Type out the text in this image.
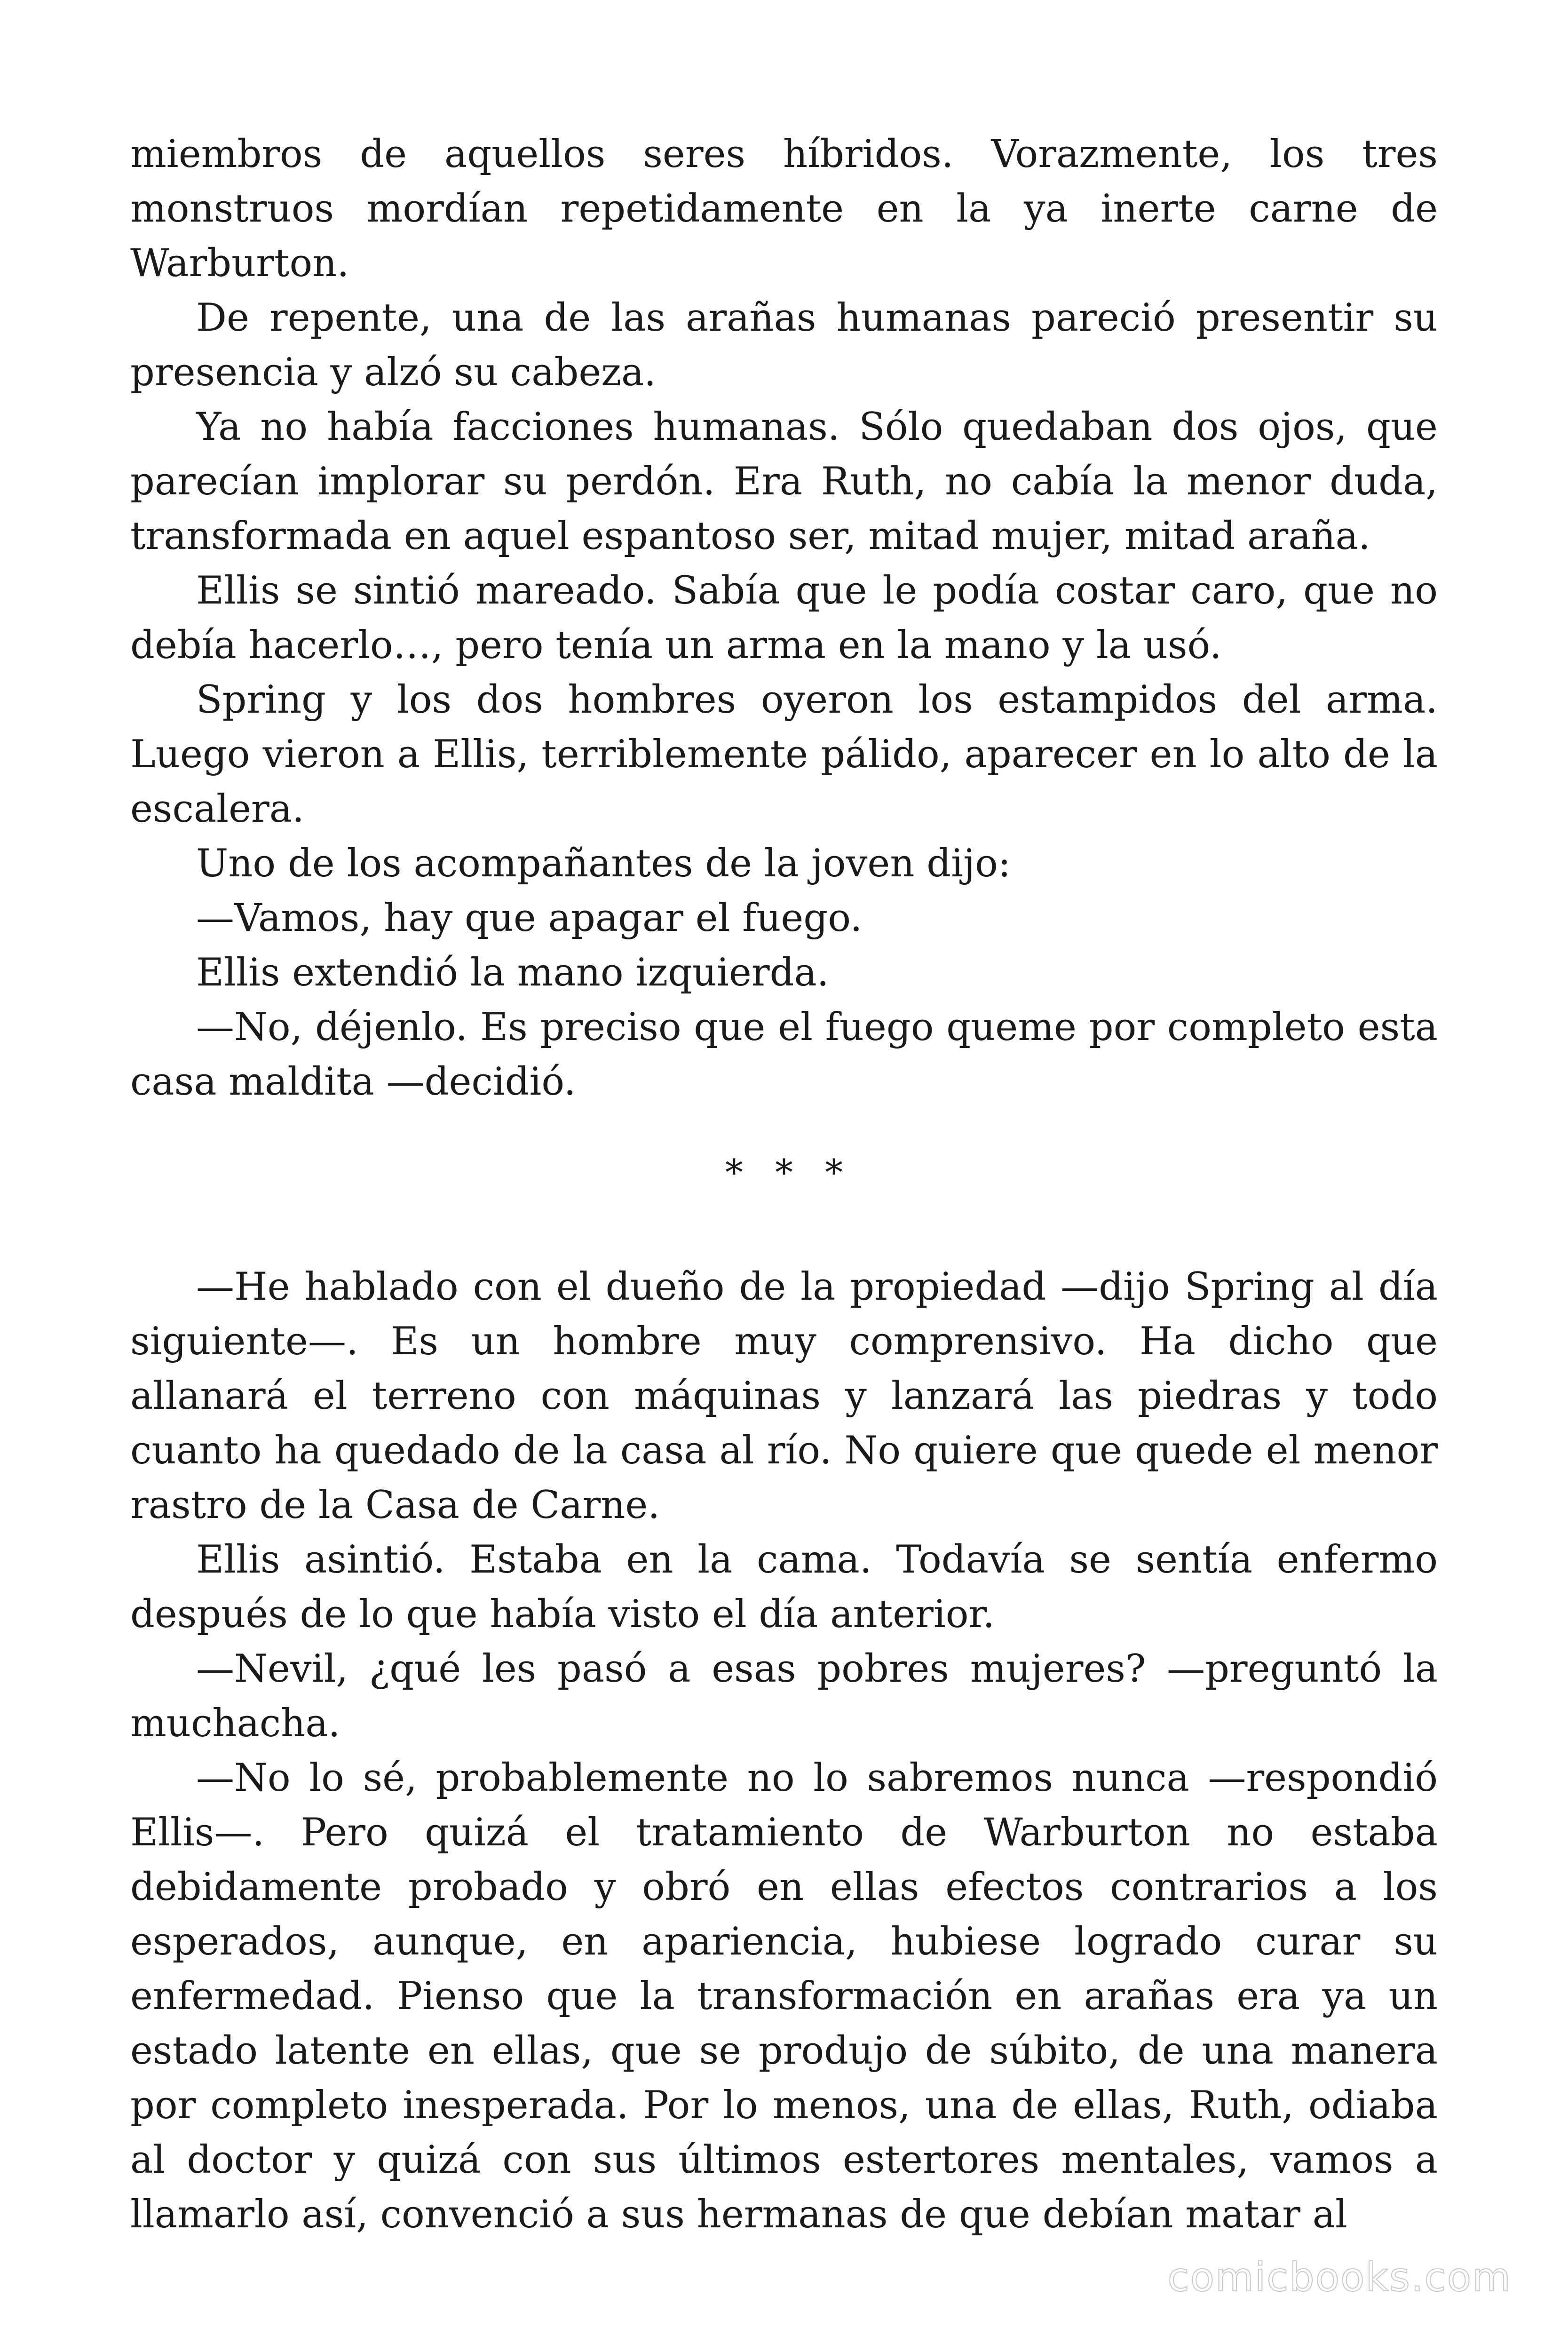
miembros de aquellos seres híbridos. Vorazmente, los tres monstruos mordían repetidamente en la ya inerte carne de Warburton.

De repente, una de las arañas humanas pareció presentir su presencia y alzó su cabeza.

Ya no había facciones humanas. Sólo quedaban dos ojos, que parecían implorar su perdón. Era Ruth, no cabía la menor duda, transformada en aquel espantoso ser, mitad mujer, mitad araña.

Ellis se sintió mareado. Sabía que le podía costar caro, que no debía hacerlo…, pero tenía un arma en la mano y la usó.

Spring y los dos hombres oyeron los estampidos del arma. Luego vieron a Ellis, terriblemente pálido, aparecer en lo alto de la escalera.

Uno de los acompañantes de la joven dijo:

—Vamos, hay que apagar el fuego.

Ellis extendió la mano izquierda.

—No, déjenlo. Es preciso que el fuego queme por completo esta casa maldita —decidió.

* * *

—He hablado con el dueño de la propiedad —dijo Spring al día siguiente—. Es un hombre muy comprensivo. Ha dicho que allanará el terreno con máquinas y lanzará las piedras y todo cuanto ha quedado de la casa al río. No quiere que quede el menor rastro de la Casa de Carne.

Ellis asintió. Estaba en la cama. Todavía se sentía enfermo después de lo que había visto el día anterior.

—Nevil, ¿qué les pasó a esas pobres mujeres? —preguntó la muchacha.

—No lo sé, probablemente no lo sabremos nunca —respondió Ellis—. Pero quizá el tratamiento de Warburton no estaba debidamente probado y obró en ellas efectos contrarios a los esperados, aunque, en apariencia, hubiese logrado curar su enfermedad. Pienso que la transformación en arañas era ya un estado latente en ellas, que se produjo de súbito, de una manera por completo inesperada. Por lo menos, una de ellas, Ruth, odiaba al doctor y quizá con sus últimos estertores mentales, vamos a llamarlo así, convenció a sus hermanas de que debían matar al

comicbooks.com
